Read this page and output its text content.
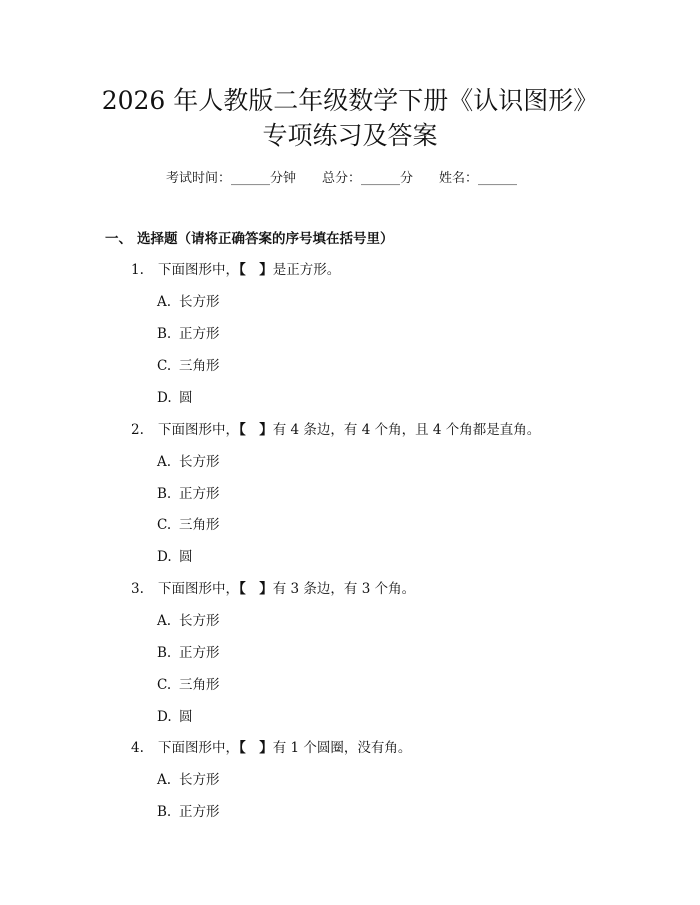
2026 年人教版二年级数学下册《认识图形》
专项练习及答案
考试时间：______分钟 总分：______分 姓名：______
一、 选择题（请将正确答案的序号填在括号里）
1. 下面图形中，【　】是正方形。
A. 长方形
B. 正方形
C. 三角形
D. 圆
2. 下面图形中，【　】有 4 条边，有 4 个角，且 4 个角都是直角。
A. 长方形
B. 正方形
C. 三角形
D. 圆
3. 下面图形中，【　】有 3 条边，有 3 个角。
A. 长方形
B. 正方形
C. 三角形
D. 圆
4. 下面图形中，【　】有 1 个圆圈，没有角。
A. 长方形
B. 正方形
